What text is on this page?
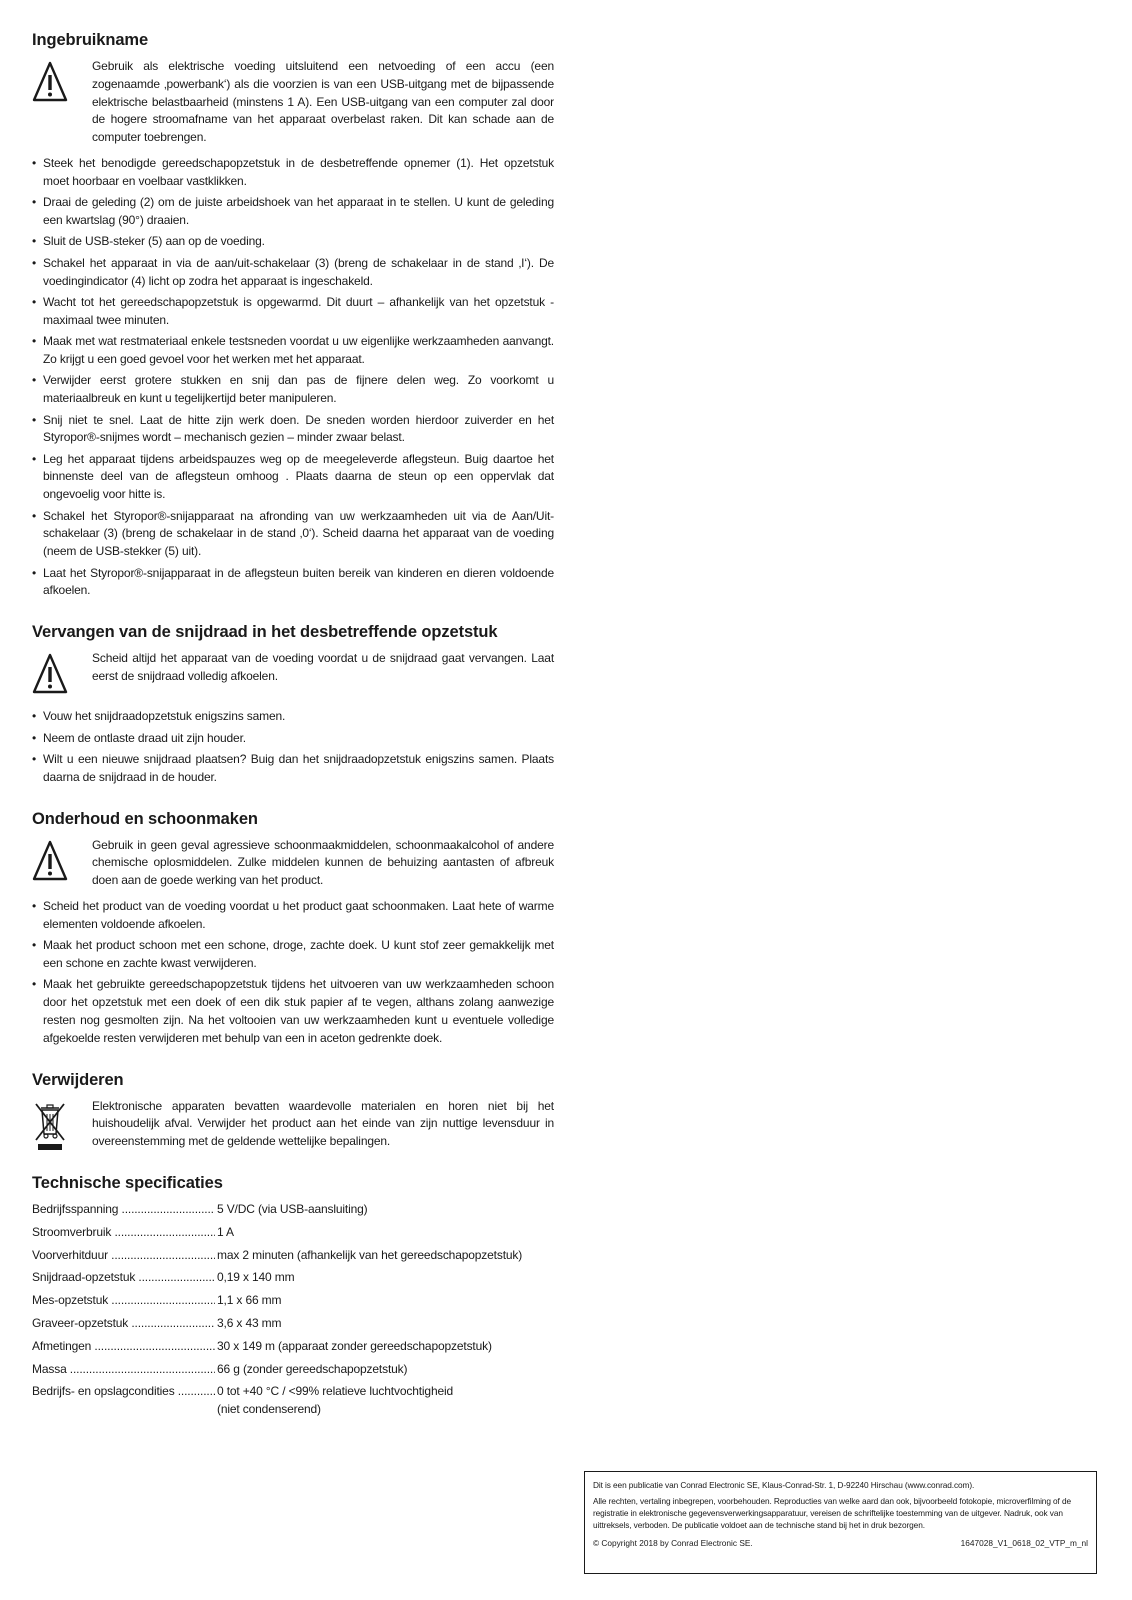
Ingebruikname

Gebruik als elektrische voeding uitsluitend een netvoeding of een accu (een zogenaamde ‚powerbank‘) als die voorzien is van een USB-uitgang met de bijpassende elektrische belastbaarheid (minstens 1 A). Een USB-uitgang van een computer zal door de hogere stroomafname van het apparaat overbelast raken. Dit kan schade aan de computer toebrengen.

• Steek het benodigde gereedschapopzetstuk in de desbetreffende opnemer (1). Het opzetstuk moet hoorbaar en voelbaar vastklikken.
• Draai de geleding (2) om de juiste arbeidshoek van het apparaat in te stellen. U kunt de geleding een kwartslag (90°) draaien.
• Sluit de USB-steker (5) aan op de voeding.
• Schakel het apparaat in via de aan/uit-schakelaar (3) (breng de schakelaar in de stand ‚I‘). De voedingindicator (4) licht op zodra het apparaat is ingeschakeld.
• Wacht tot het gereedschapopzetstuk is opgewarmd. Dit duurt – afhankelijk van het opzetstuk - maximaal twee minuten.
• Maak met wat restmateriaal enkele testsneden voordat u uw eigenlijke werkzaamheden aanvangt. Zo krijgt u een goed gevoel voor het werken met het apparaat.
• Verwijder eerst grotere stukken en snij dan pas de fijnere delen weg. Zo voorkomt u materiaalbreuk en kunt u tegelijkertijd beter manipuleren.
• Snij niet te snel. Laat de hitte zijn werk doen. De sneden worden hierdoor zuiverder en het Styropor®-snijmes wordt – mechanisch gezien – minder zwaar belast.
• Leg het apparaat tijdens arbeidspauzes weg op de meegeleverde aflegsteun. Buig daartoe het binnenste deel van de aflegsteun omhoog . Plaats daarna de steun op een oppervlak dat ongevoelig voor hitte is.
• Schakel het Styropor®-snijapparaat na afronding van uw werkzaamheden uit via de Aan/Uit-schakelaar (3) (breng de schakelaar in de stand ‚0‘). Scheid daarna het apparaat van de voeding (neem de USB-stekker (5) uit).
• Laat het Styropor®-snijapparaat in de aflegsteun buiten bereik van kinderen en dieren voldoende afkoelen.
Vervangen van de snijdraad in het desbetreffende opzetstuk

Scheid altijd het apparaat van de voeding voordat u de snijdraad gaat vervangen. Laat eerst de snijdraad volledig afkoelen.

• Vouw het snijdraadopzetstuk enigszins samen.
• Neem de ontlaste draad uit zijn houder.
• Wilt u een nieuwe snijdraad plaatsen? Buig dan het snijdraadopzetstuk enigszins samen. Plaats daarna de snijdraad in de houder.
Onderhoud en schoonmaken

Gebruik in geen geval agressieve schoonmaakmiddelen, schoonmaakalcohol of andere chemische oplosmiddelen. Zulke middelen kunnen de behuizing aantasten of afbreuk doen aan de goede werking van het product.

• Scheid het product van de voeding voordat u het product gaat schoonmaken. Laat hete of warme elementen voldoende afkoelen.
• Maak het product schoon met een schone, droge, zachte doek. U kunt stof zeer gemakkelijk met een schone en zachte kwast verwijderen.
• Maak het gebruikte gereedschapopzetstuk tijdens het uitvoeren van uw werkzaamheden schoon door het opzetstuk met een doek of een dik stuk papier af te vegen, althans zolang aanwezige resten nog gesmolten zijn. Na het voltooien van uw werkzaamheden kunt u eventuele volledige afgekoelde resten verwijderen met behulp van een in aceton gedrenkte doek.
Verwijderen

Elektronische apparaten bevatten waardevolle materialen en horen niet bij het huishoudelijk afval. Verwijder het product aan het einde van zijn nuttige levensduur in overeenstemming met de geldende wettelijke bepalingen.

Technische specificaties
Bedrijfsspanning .....	5 V/DC (via USB-aansluiting)
Stroomverbruik .....	1 A
Voorverhitduur .....	max 2 minuten (afhankelijk van het gereedschapopzetstuk)
Snijdraad-opzetstuk .....	0,19 x 140 mm
Mes-opzetstuk .....	1,1 x 66 mm
Graveer-opzetstuk .....	3,6 x 43 mm
Afmetingen .....	30 x 149 m (apparaat zonder gereedschapopzetstuk)
Massa .....	66 g (zonder gereedschapopzetstuk)
Bedrijfs- en opslagcondities .....	0 tot +40 °C / <99% relatieve luchtvochtigheid
(niet condenserend)

Dit is een publicatie van Conrad Electronic SE, Klaus-Conrad-Str. 1, D-92240 Hirschau (www.conrad.com).

Alle rechten, vertaling inbegrepen, voorbehouden. Reproducties van welke aard dan ook, bijvoorbeeld fotokopie, microverfilming of de registratie in elektronische gegevensverwerkingsapparatuur, vereisen de schriftelijke toestemming van de uitgever. Nadruk, ook van uittreksels, verboden. De publicatie voldoet aan de technische stand bij het in druk bezorgen.

© Copyright 2018 by Conrad Electronic SE.	1647028_V1_0618_02_VTP_m_nl
